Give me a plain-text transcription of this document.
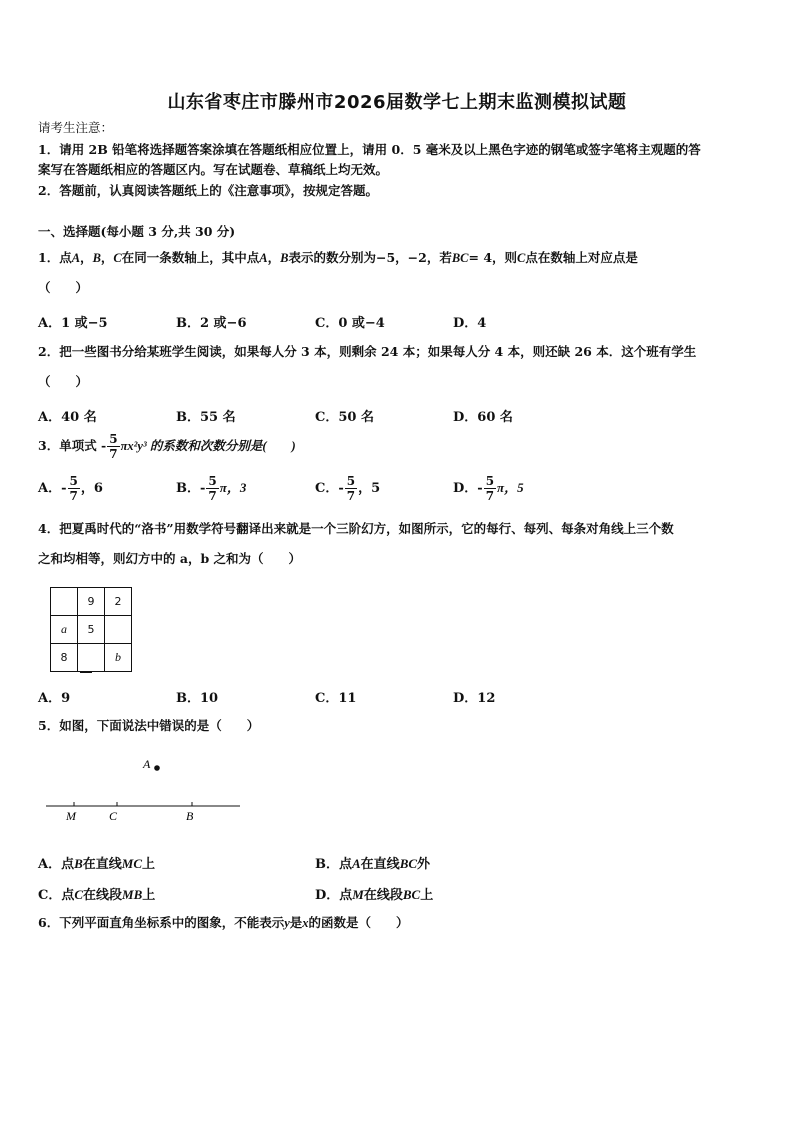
山东省枣庄市滕州市2026届数学七上期末监测模拟试题
请考生注意：
1．请用 2B 铅笔将选择题答案涂填在答题纸相应位置上，请用 0．5 毫米及以上黑色字迹的钢笔或签字笔将主观题的答
案写在答题纸相应的答题区内。写在试题卷、草稿纸上均无效。
2．答题前，认真阅读答题纸上的《注意事项》，按规定答题。
一、选择题(每小题 3 分,共 30 分)
1．点A，B，C在同一条数轴上，其中点A，B表示的数分别为−5，−2，若BC= 4，则C点在数轴上对应点是
（　　）
A．1 或−5	B．2 或−6	C．0 或−4	D．4
2．把一些图书分给某班学生阅读，如果每人分 3 本，则剩余 24 本；如果每人分 4 本，则还缺 26 本．这个班有学生
（　　）
A．40 名	B．55 名	C．50 名	D．60 名
3．单项式 - $\frac{5}{7} \pi x^2y^3$ 的系数和次数分别是(　　)
A．- $\frac{5}{7}$ ，6	B．- $\frac{5}{7}$ π，3	C．- $\frac{5}{7}$ ，5	D．- $\frac{5}{7}$ π，5
4．把夏禹时代的“洛书”用数学符号翻译出来就是一个三阶幻方，如图所示，它的每行、每列、每条对角线上三个数
之和均相等，则幻方中的 a，b 之和为（　　）
	9	2
a	5	
8		b
A．9	B．10	C．11	D．12
5．如图，下面说法中错误的是（　　）
A
M	C	B
A．点B在直线MC上	B．点A在直线BC外
C．点C在线段MB上	D．点M在线段BC上
6．下列平面直角坐标系中的图象，不能表示y是x的函数是（　　）
